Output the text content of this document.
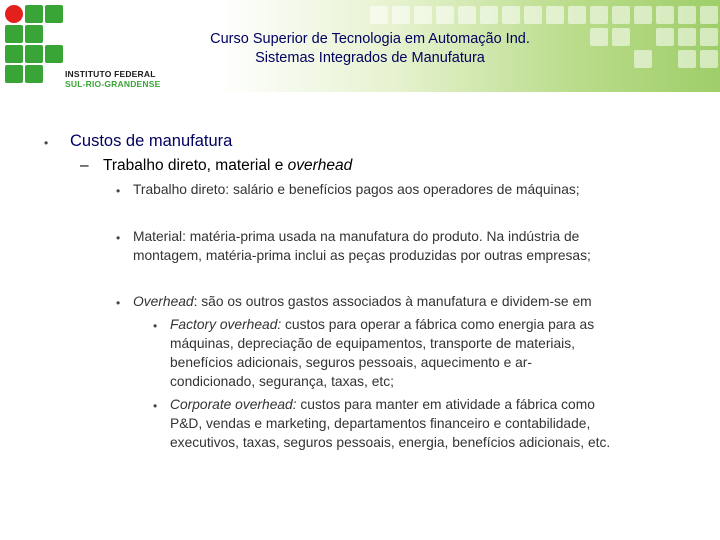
INSTITUTO FEDERAL
SUL-RIO-GRANDENSE
Curso Superior de Tecnologia em Automação Ind.
Sistemas Integrados de Manufatura
• Custos de manufatura
– Trabalho direto, material e overhead
• Trabalho direto: salário e benefícios pagos aos operadores de máquinas;
• Material: matéria-prima usada na manufatura do produto. Na indústria de
montagem, matéria-prima inclui as peças produzidas por outras empresas;
• Overhead: são os outros gastos associados à manufatura e dividem-se em
• Factory overhead: custos para operar a fábrica como energia para as
máquinas, depreciação de equipamentos, transporte de materiais,
benefícios adicionais, seguros pessoais, aquecimento e ar-
condicionado, segurança, taxas, etc;
• Corporate overhead: custos para manter em atividade a fábrica como
P&D, vendas e marketing, departamentos financeiro e contabilidade,
executivos, taxas, seguros pessoais, energia, benefícios adicionais, etc.
